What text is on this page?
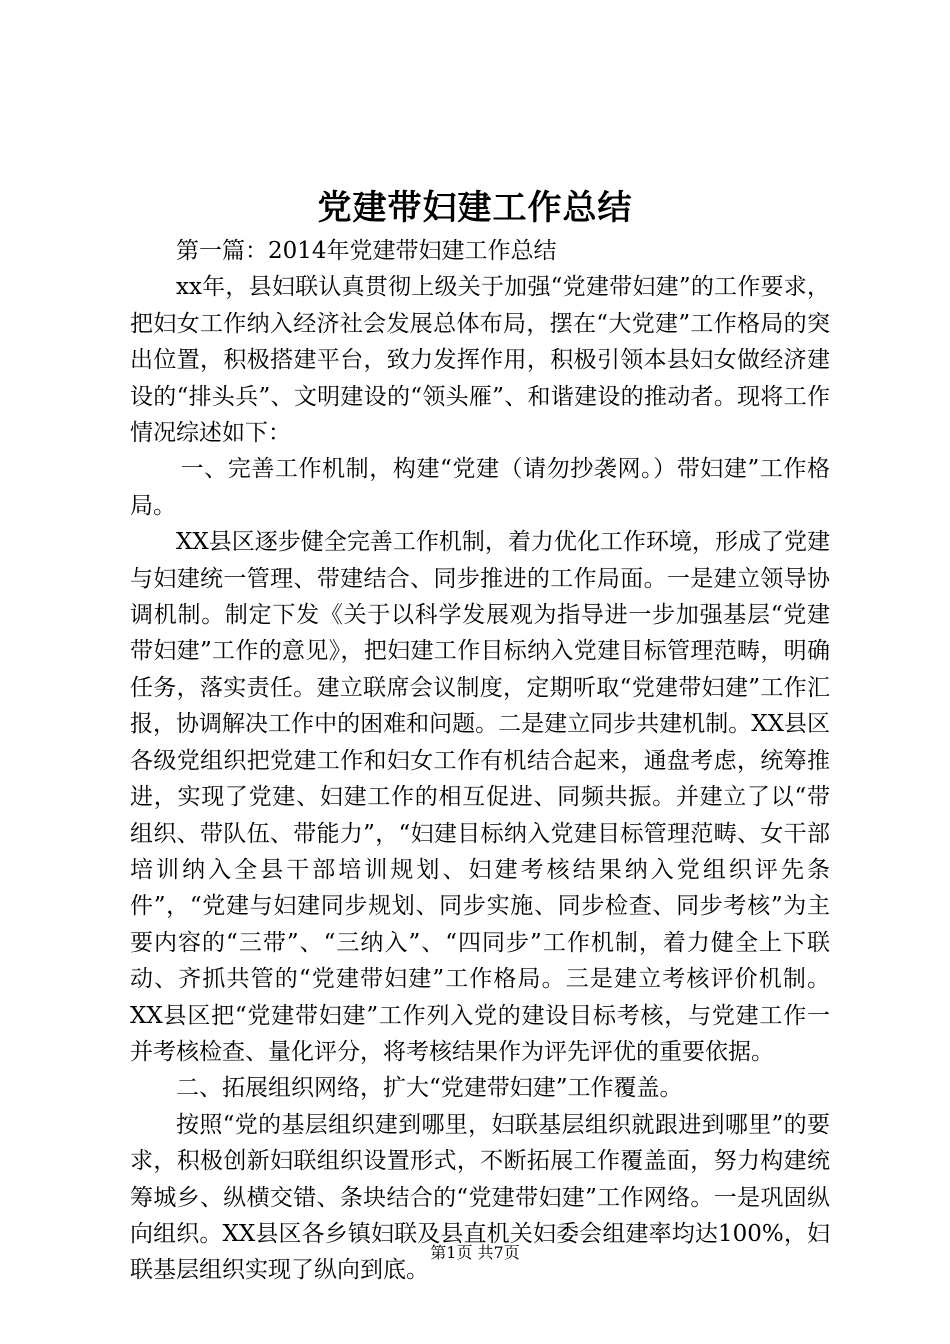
党建带妇建工作总结

第一篇：2014年党建带妇建工作总结

xx年，县妇联认真贯彻上级关于加强“党建带妇建”的工作要求，把妇女工作纳入经济社会发展总体布局，摆在“大党建”工作格局的突出位置，积极搭建平台，致力发挥作用，积极引领本县妇女做经济建设的“排头兵”、文明建设的“领头雁”、和谐建设的推动者。现将工作情况综述如下：

一、完善工作机制，构建“党建（请勿抄袭网。）带妇建”工作格局。

XX县区逐步健全完善工作机制，着力优化工作环境，形成了党建与妇建统一管理、带建结合、同步推进的工作局面。一是建立领导协调机制。制定下发《关于以科学发展观为指导进一步加强基层“党建带妇建”工作的意见》，把妇建工作目标纳入党建目标管理范畴，明确任务，落实责任。建立联席会议制度，定期听取“党建带妇建”工作汇报，协调解决工作中的困难和问题。二是建立同步共建机制。XX县区各级党组织把党建工作和妇女工作有机结合起来，通盘考虑，统筹推进，实现了党建、妇建工作的相互促进、同频共振。并建立了以“带组织、带队伍、带能力”，“妇建目标纳入党建目标管理范畴、女干部培训纳入全县干部培训规划、妇建考核结果纳入党组织评先条件”，“党建与妇建同步规划、同步实施、同步检查、同步考核”为主要内容的“三带”、“三纳入”、“四同步”工作机制，着力健全上下联动、齐抓共管的“党建带妇建”工作格局。三是建立考核评价机制。XX县区把“党建带妇建”工作列入党的建设目标考核，与党建工作一并考核检查、量化评分，将考核结果作为评先评优的重要依据。

二、拓展组织网络，扩大“党建带妇建”工作覆盖。

按照“党的基层组织建到哪里，妇联基层组织就跟进到哪里”的要求，积极创新妇联组织设置形式，不断拓展工作覆盖面，努力构建统筹城乡、纵横交错、条块结合的“党建带妇建”工作网络。一是巩固纵向组织。XX县区各乡镇妇联及县直机关妇委会组建率均达100%，妇联基层组织实现了纵向到底。

第1页 共7页
